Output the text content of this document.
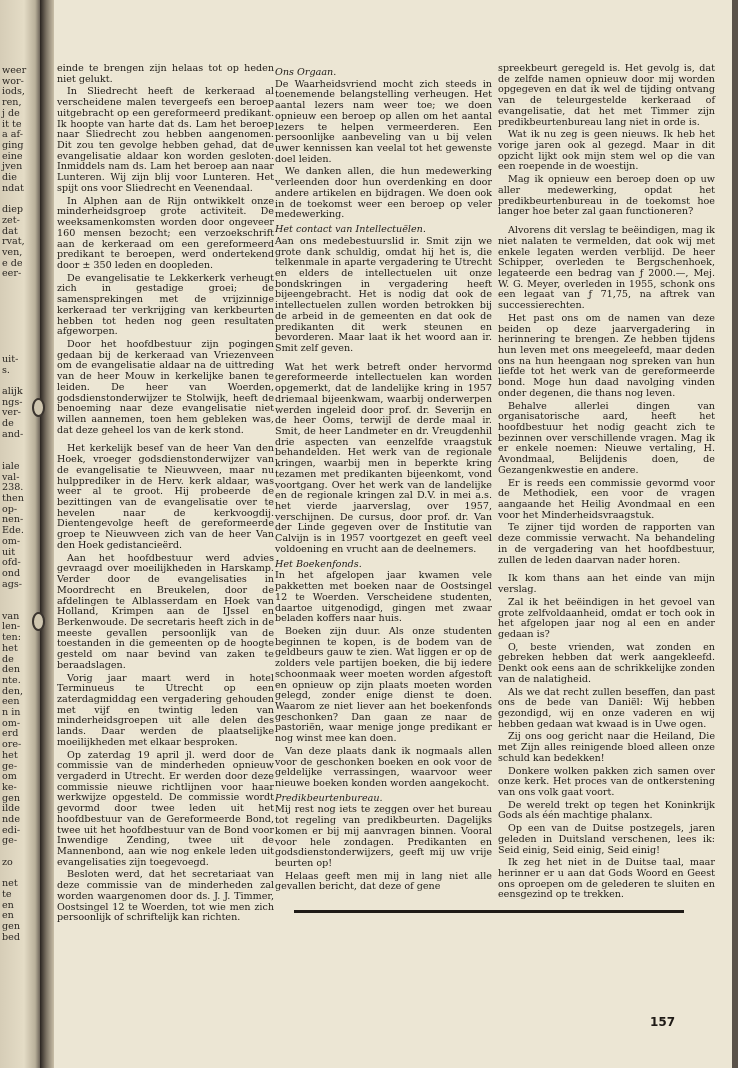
weer
wor-
iods,
ren,
j de
it te
a af-
ging
eine
jven
die
ndat
diep
zet-
dat
rvat,
ven,
e de
eer-
uit-
s.
alijk
ngs-
ver-
de
and-
iale
val-
238.
then
op-
nen-
Ede.
om-
uit
ofd-
ond
ags-
van
len-
ten:
het
de
den
nte.
den,
een
n in
om-
erd
ore-
het
ge-
om
ke-
gen
ilde
nde
edi-
ge-
zo
net
te
en
en
gen
bed

einde te brengen zijn helaas tot op heden niet gelukt.

In Sliedrecht heeft de kerkeraad al verscheidene malen tevergeefs een beroep uitgebracht op een gereformeerd predikant. Ik hoopte van harte dat ds. Lam het beroep naar Sliedrecht zou hebben aangenomen. Dit zou ten gevolge hebben gehad, dat de evangelisatie aldaar kon worden gesloten. Inmiddels nam ds. Lam het beroep aan naar Lunteren. Wij zijn blij voor Lunteren. Het spijt ons voor Sliedrecht en Veenendaal.

In Alphen aan de Rijn ontwikkelt onze minderheidsgroep grote activiteit. De weeksamenkomsten worden door ongeveer 160 mensen bezocht; een verzoekschrift aan de kerkeraad om een gereformeerd predikant te beroepen, werd ondertekend door ± 350 leden en doopleden.

De evangelisatie te Lekkerkerk verheugt zich in gestadige groei; de samensprekingen met de vrijzinnige kerkeraad ter verkrijging van kerkbeurten hebben tot heden nog geen resultaten afgeworpen.

Door het hoofdbestuur zijn pogingen gedaan bij de kerkeraad van Vriezenveen om de evangelisatie aldaar na de uittreding van de heer Mouw in kerkelijke banen te leiden. De heer van Woerden, godsdienstonderwijzer te Stolwijk, heeft de benoeming naar deze evangelisatie niet willen aannemen, toen hem gebleken was, dat deze geheel los van de kerk stond.

Het kerkelijk besef van de heer Van den Hoek, vroeger godsdienstonderwijzer van de evangelisatie te Nieuwveen, maar nu hulpprediker in de Herv. kerk aldaar, was weer al te groot. Hij probeerde de bezittingen van de evangelisatie over te hevelen naar de kerkvoogdij. Dientengevolge heeft de gereformeerde groep te Nieuwveen zich van de heer Van den Hoek gedistancieërd.

Aan het hoofdbestuur werd advies gevraagd over moeilijkheden in Harskamp. Verder door de evangelisaties in Moordrecht en Breukelen, door de afdelingen te Alblasserdam en Hoek van Holland, Krimpen aan de IJssel en Berkenwoude. De secretaris heeft zich in de meeste gevallen persoonlijk van de toestanden in die gemeenten op de hoogte gesteld om naar bevind van zaken te beraadslagen.

Vorig jaar maart werd in hotel Terminueus te Utrecht op een zaterdagmiddag een vergadering gehouden met vijf en twintig leden van minderheidsgroepen uit alle delen des lands. Daar werden de plaatselijke moeilijkheden met elkaar besproken.

Op zaterdag 19 april jl. werd door de commissie van de minderheden opnieuw vergaderd in Utrecht. Er werden door deze commissie nieuwe richtlijnen voor haar werkwijze opgesteld. De commissie wordt gevormd door twee leden uit het hoofdbestuur van de Gereformeerde Bond, twee uit het hoofdbestuur van de Bond voor Inwendige Zending, twee uit de Mannenbond, aan wie nog enkele leden uit evangelisaties zijn toegevoegd.

Besloten werd, dat het secretariaat van deze commissie van de minderheden zal worden waargenomen door ds. J. J. Timmer, Oostsingel 12 te Woerden, tot wie men zich persoonlijk of schriftelijk kan richten.

Ons Orgaan.

De Waarheidsvriend mocht zich steeds in toenemende belangstelling verheugen. Het aantal lezers nam weer toe; we doen opnieuw een beroep op allen om het aantal lezers te helpen vermeerderen. Een persoonlijke aanbeveling van u bij velen uwer kennissen kan veelal tot het gewenste doel leiden.

We danken allen, die hun medewerking verleenden door hun overdenking en door andere artikelen en bijdragen. We doen ook in de toekomst weer een beroep op veler medewerking.

Het contact van Intellectuëlen.

Aan ons medebestuurslid ir. Smit zijn we grote dank schuldig, omdat hij het is, die telkenmale in aparte vergadering te Utrecht en elders de intellectuelen uit onze bondskringen in vergadering heeft bijeengebracht. Het is nodig dat ook de intellectuelen zullen worden betrokken bij de arbeid in de gemeenten en dat ook de predikanten dit werk steunen en bevorderen. Maar laat ik het woord aan ir. Smit zelf geven.

Wat het werk betreft onder hervormd gereformeerde intellectuelen kan worden opgemerkt, dat de landelijke kring in 1957 driemaal bijeenkwam, waarbij onderwerpen werden ingeleid door prof. dr. Severijn en de heer Ooms, terwijl de derde maal ir. Smit, de heer Landmeter en dr. Vreugdenhil drie aspecten van eenzelfde vraagstuk behandelden. Het werk van de regionale kringen, waarbij men in beperkte kring tezamen met predikanten bijeenkomt, vond voortgang. Over het werk van de landelijke en de regionale kringen zal D.V. in mei a.s. het vierde jaarverslag, over 1957, verschijnen. De cursus, door prof. dr. Van der Linde gegeven over de Institutie van Calvijn is in 1957 voortgezet en geeft veel voldoening en vrucht aan de deelnemers.

Het Boekenfonds.

In het afgelopen jaar kwamen vele pakketten met boeken naar de Oostsingel 12 te Woerden. Verscheidene studenten, daartoe uitgenodigd, gingen met zwaar beladen koffers naar huis.

Boeken zijn duur. Als onze studenten beginnen te kopen, is de bodem van de geldbeurs gauw te zien. Wat liggen er op de zolders vele partijen boeken, die bij iedere schoonmaak weer moeten worden afgestoft en opnieuw op zijn plaats moeten worden gelegd, zonder enige dienst te doen. Waarom ze niet liever aan het boekenfonds geschonken? Dan gaan ze naar de pastoriën, waar menige jonge predikant er nog winst mee kan doen.

Van deze plaats dank ik nogmaals allen voor de geschonken boeken en ook voor de geldelijke verrassingen, waarvoor weer nieuwe boeken konden worden aangekocht.

Predikbeurtenbureau.

Mij rest nog iets te zeggen over het bureau tot regeling van predikbeurten. Dagelijks komen er bij mij aanvragen binnen. Vooral voor hele zondagen. Predikanten en godsdienstonderwijzers, geeft mij uw vrije beurten op!

Helaas geeft men mij in lang niet alle gevallen bericht, dat deze of gene

spreekbeurt geregeld is. Het gevolg is, dat de zelfde namen opnieuw door mij worden opgegeven en dat ik wel de tijding ontvang van de teleurgestelde kerkeraad of evangelisatie, dat het met Timmer zijn predikbeurtenbureau lang niet in orde is.

Wat ik nu zeg is geen nieuws. Ik heb het vorige jaren ook al gezegd. Maar in dit opzicht lijkt ook mijn stem wel op die van een roepende in de woestijn.

Mag ik opnieuw een beroep doen op uw aller medewerking, opdat het predikbeurtenbureau in de toekomst hoe langer hoe beter zal gaan functioneren?

Alvorens dit verslag te beëindigen, mag ik niet nalaten te vermelden, dat ook wij met enkele legaten werden verblijd. De heer Schipper, overleden te Bergschenhoek, legateerde een bedrag van ƒ 2000.—, Mej. W. G. Meyer, overleden in 1955, schonk ons een legaat van ƒ 71,75, na aftrek van successierechten.

Het past ons om de namen van deze beiden op deze jaarvergadering in herinnering te brengen. Ze hebben tijdens hun leven met ons meegeleefd, maar deden ons na hun heengaan nog spreken van hun liefde tot het werk van de gereformeerde bond. Moge hun daad navolging vinden onder degenen, die thans nog leven.

Behalve allerlei dingen van organisatorische aard, heeft het hoofdbestuur het nodig geacht zich te bezinnen over verschillende vragen. Mag ik er enkele noemen: Nieuwe vertaling, H. Avondmaal, Belijdenis doen, de Gezangenkwestie en andere.

Er is reeds een commissie gevormd voor de Methodiek, een voor de vragen aangaande het Heilig Avondmaal en een voor het Minderheidsvraagstuk.

Te zijner tijd worden de rapporten van deze commissie verwacht. Na behandeling in de vergadering van het hoofdbestuur, zullen de leden daarvan nader horen.

Ik kom thans aan het einde van mijn verslag.

Zal ik het beëindigen in het gevoel van grote zelfvoldaanheid, omdat er toch ook in het afgelopen jaar nog al een en ander gedaan is?

O, beste vrienden, wat zonden en gebreken hebben dat werk aangekleefd. Denkt ook eens aan de schrikkelijke zonden van de nalatigheid.

Als we dat recht zullen beseffen, dan past ons de bede van Daniël: Wij hebben gezondigd, wij en onze vaderen en wij hebben gedaan wat kwaad is in Uwe ogen.

Zij ons oog gericht naar die Heiland, Die met Zijn alles reinigende bloed alleen onze schuld kan bedekken!

Donkere wolken pakken zich samen over onze kerk. Het proces van de ontkerstening van ons volk gaat voort.

De wereld trekt op tegen het Koninkrijk Gods als één machtige phalanx.

Op een van de Duitse postzegels, jaren geleden in Duitsland verschenen, lees ik: Seid einig, Seid einig, Seid einig!

Ik zeg het niet in de Duitse taal, maar herinner er u aan dat Gods Woord en Geest ons oproepen om de gelederen te sluiten en eensgezind op te trekken.

157
